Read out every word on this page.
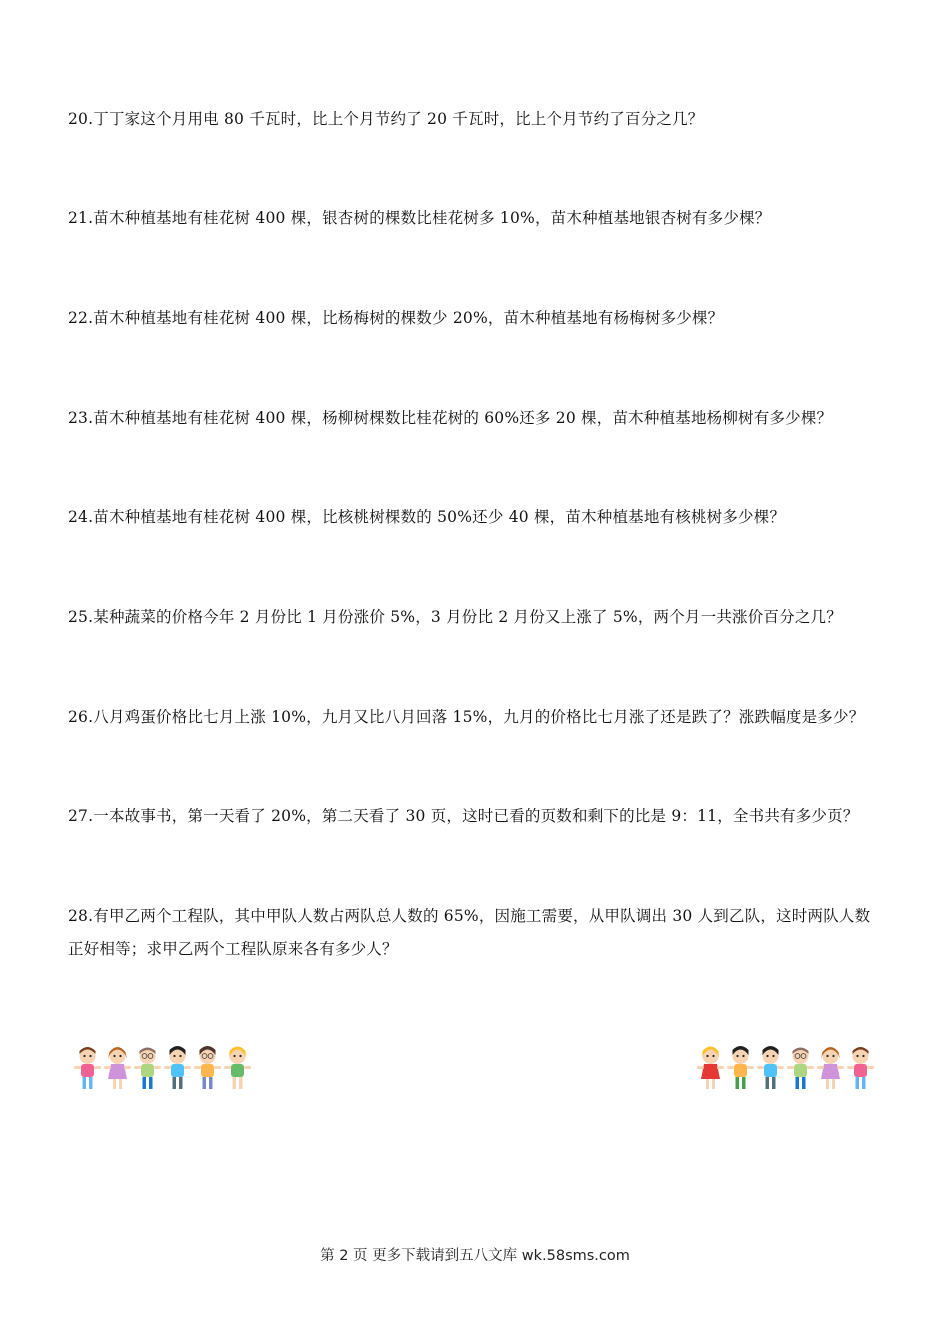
20.丁丁家这个月用电 80 千瓦时，比上个月节约了 20 千瓦时，比上个月节约了百分之几？
21.苗木种植基地有桂花树 400 棵，银杏树的棵数比桂花树多 10%，苗木种植基地银杏树有多少棵？
22.苗木种植基地有桂花树 400 棵，比杨梅树的棵数少 20%，苗木种植基地有杨梅树多少棵？
23.苗木种植基地有桂花树 400 棵，杨柳树棵数比桂花树的 60%还多 20 棵，苗木种植基地杨柳树有多少棵？
24.苗木种植基地有桂花树 400 棵，比核桃树棵数的 50%还少 40 棵，苗木种植基地有核桃树多少棵？
25.某种蔬菜的价格今年 2 月份比 1 月份涨价 5%，3 月份比 2 月份又上涨了 5%，两个月一共涨价百分之几？
26.八月鸡蛋价格比七月上涨 10%，九月又比八月回落 15%，九月的价格比七月涨了还是跌了？涨跌幅度是多少？
27.一本故事书，第一天看了 20%，第二天看了 30 页，这时已看的页数和剩下的比是 9：11，全书共有多少页？
28.有甲乙两个工程队，其中甲队人数占两队总人数的 65%，因施工需要，从甲队调出 30 人到乙队，这时两队人数正好相等；求甲乙两个工程队原来各有多少人？
第 2 页 更多下载请到五八文库 wk.58sms.com
